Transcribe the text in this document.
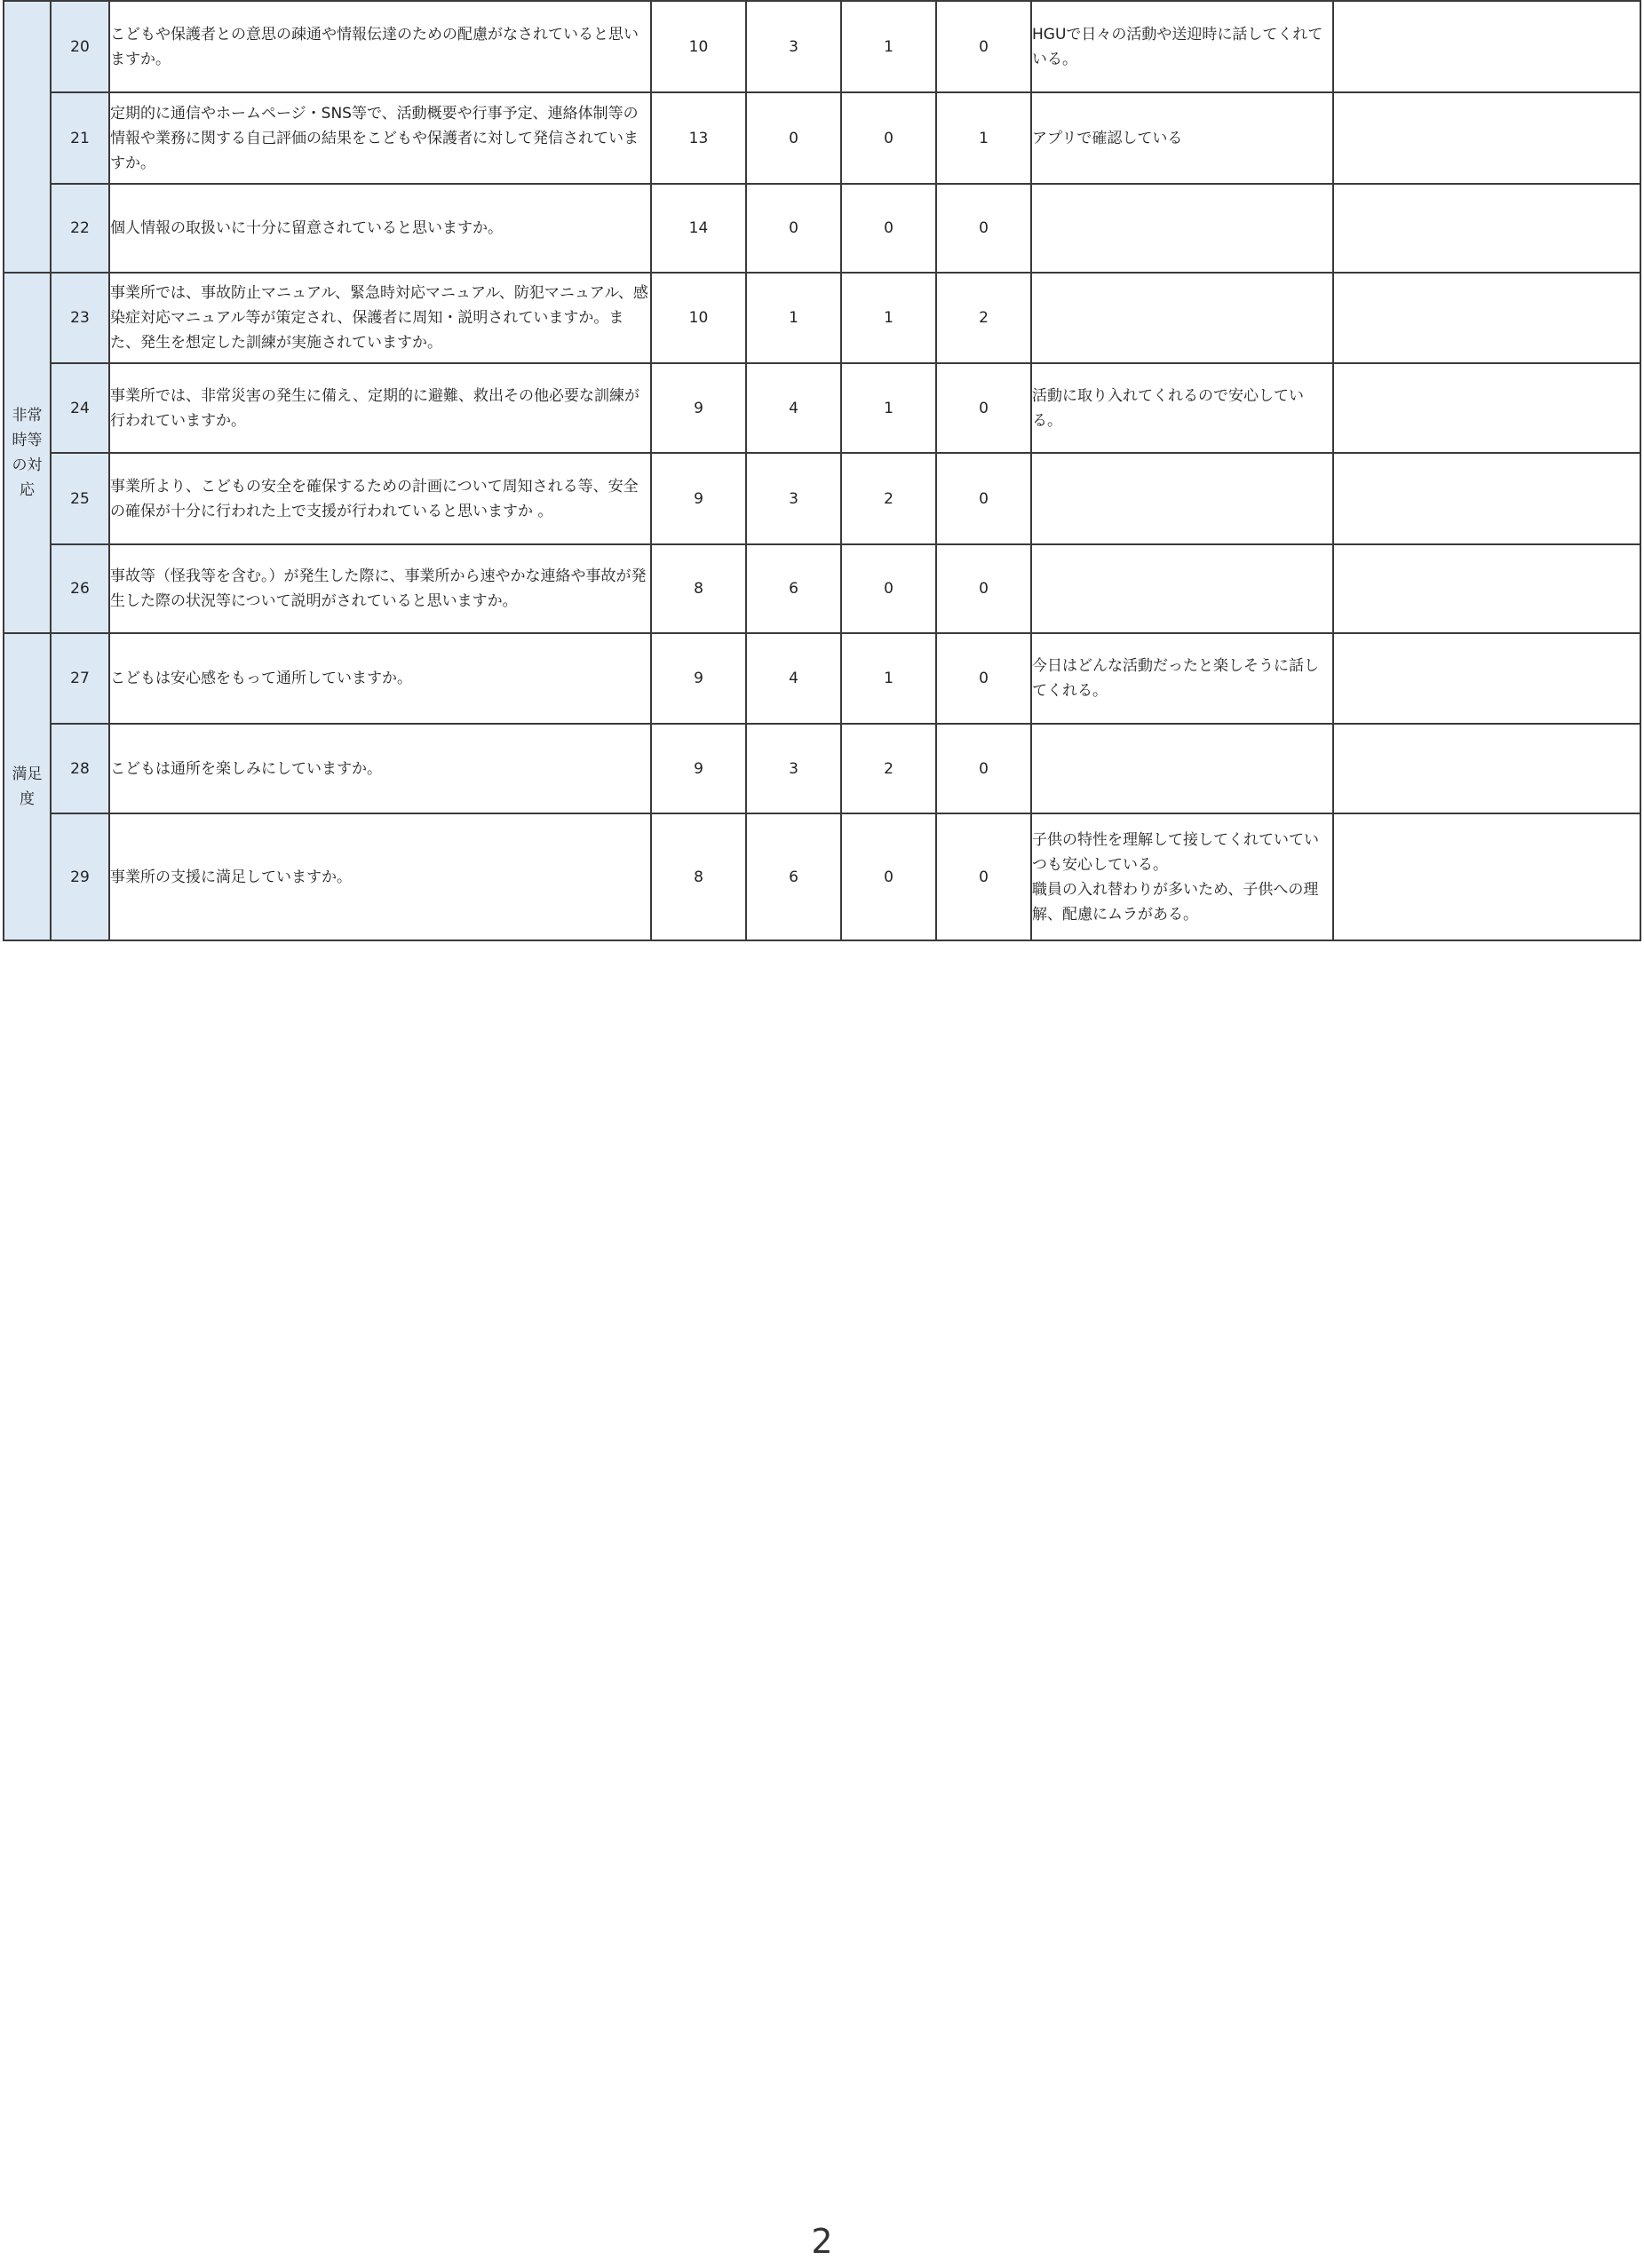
	20	こどもや保護者との意思の疎通や情報伝達のための配慮がなされていると思いますか。	10	3	1	0	HGUで日々の活動や送迎時に話してくれている。	
	21	定期的に通信やホームページ・SNS等で、活動概要や行事予定、連絡体制等の情報や業務に関する自己評価の結果をこどもや保護者に対して発信されていますか。	13	0	0	1	アプリで確認している	
	22	個人情報の取扱いに十分に留意されていると思いますか。	14	0	0	0		
非常時等の対応	23	事業所では、事故防止マニュアル、緊急時対応マニュアル、防犯マニュアル、感染症対応マニュアル等が策定され、保護者に周知・説明されていますか。また、発生を想定した訓練が実施されていますか。	10	1	1	2		
	24	事業所では、非常災害の発生に備え、定期的に避難、救出その他必要な訓練が行われていますか。	9	4	1	0	活動に取り入れてくれるので安心している。	
	25	事業所より、こどもの安全を確保するための計画について周知される等、安全の確保が十分に行われた上で支援が行われていると思いますか 。	9	3	2	0		
	26	事故等（怪我等を含む。）が発生した際に、事業所から速やかな連絡や事故が発生した際の状況等について説明がされていると思いますか。	8	6	0	0		
満足度	27	こどもは安心感をもって通所していますか。	9	4	1	0	今日はどんな活動だったと楽しそうに話してくれる。	
	28	こどもは通所を楽しみにしていますか。	9	3	2	0		
	29	事業所の支援に満足していますか。	8	6	0	0	子供の特性を理解して接してくれていていつも安心している。
職員の入れ替わりが多いため、子供への理解、配慮にムラがある。	
2
